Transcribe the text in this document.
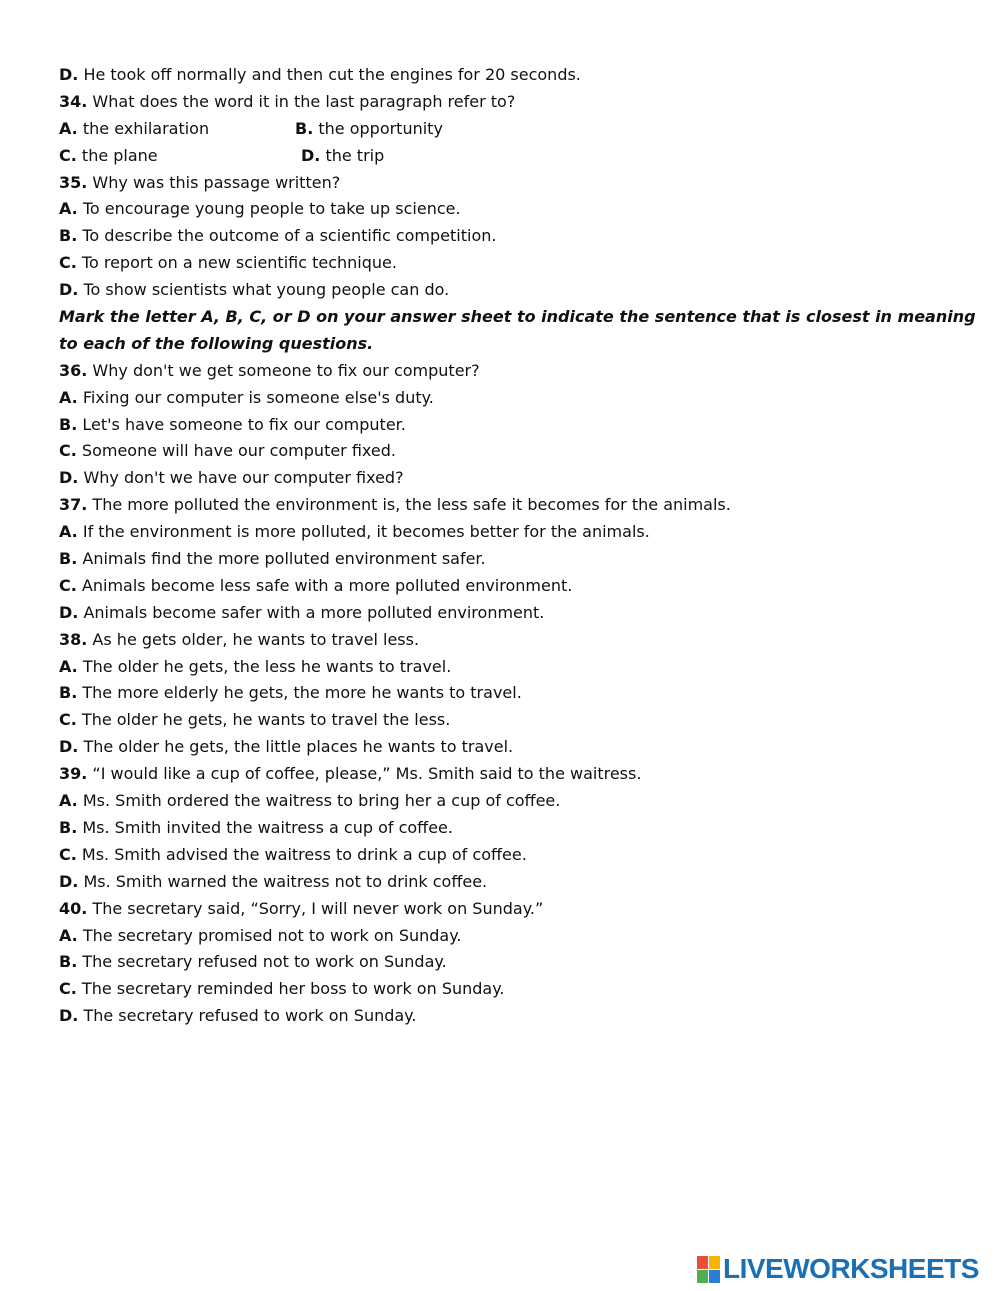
D. He took off normally and then cut the engines for 20 seconds.
34. What does the word it in the last paragraph refer to?
A. the exhilaration	B. the opportunity
C. the plane	D. the trip
35. Why was this passage written?
A. To encourage young people to take up science.
B. To describe the outcome of a scientific competition.
C. To report on a new scientific technique.
D. To show scientists what young people can do.
Mark the letter A, B, C, or D on your answer sheet to indicate the sentence that is closest in meaning
to each of the following questions.
36. Why don't we get someone to fix our computer?
A. Fixing our computer is someone else's duty.
B. Let's have someone to fix our computer.
C. Someone will have our computer fixed.
D. Why don't we have our computer fixed?
37. The more polluted the environment is, the less safe it becomes for the animals.
A. If the environment is more polluted, it becomes better for the animals.
B. Animals find the more polluted environment safer.
C. Animals become less safe with a more polluted environment.
D. Animals become safer with a more polluted environment.
38. As he gets older, he wants to travel less.
A. The older he gets, the less he wants to travel.
B. The more elderly he gets, the more he wants to travel.
C. The older he gets, he wants to travel the less.
D. The older he gets, the little places he wants to travel.
39. “I would like a cup of coffee, please,” Ms. Smith said to the waitress.
A. Ms. Smith ordered the waitress to bring her a cup of coffee.
B. Ms. Smith invited the waitress a cup of coffee.
C. Ms. Smith advised the waitress to drink a cup of coffee.
D. Ms. Smith warned the waitress not to drink coffee.
40. The secretary said, “Sorry, I will never work on Sunday.”
A. The secretary promised not to work on Sunday.
B. The secretary refused not to work on Sunday.
C. The secretary reminded her boss to work on Sunday.
D. The secretary refused to work on Sunday.
LIVEWORKSHEETS
